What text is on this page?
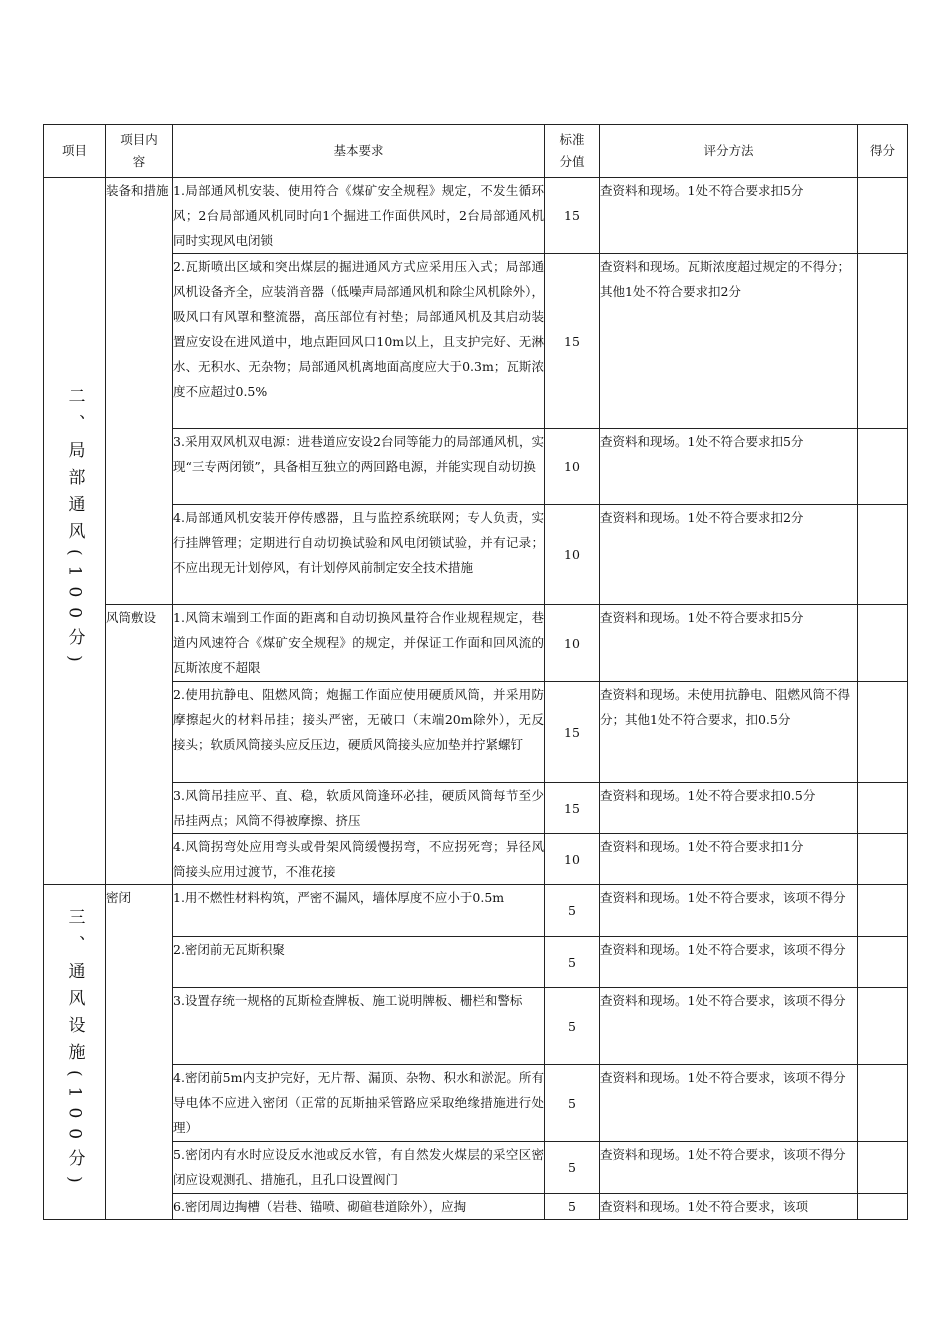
项目	项目内容	基本要求	标准分值	评分方法	得分
二、局部通风(100分)	装备和措施	1.局部通风机安装、使用符合《煤矿安全规程》规定，不发生循环风；2台局部通风机同时向1个掘进工作面供风时，2台局部通风机同时实现风电闭锁	15	查资料和现场。1处不符合要求扣5分	
		2.瓦斯喷出区域和突出煤层的掘进通风方式应采用压入式；局部通风机设备齐全，应装消音器（低噪声局部通风机和除尘风机除外），吸风口有风罩和整流器，高压部位有衬垫；局部通风机及其启动装置应安设在进风道中，地点距回风口10m以上，且支护完好、无淋水、无积水、无杂物；局部通风机离地面高度应大于0.3m；瓦斯浓度不应超过0.5%	15	查资料和现场。瓦斯浓度超过规定的不得分；其他1处不符合要求扣2分	
		3.采用双风机双电源：进巷道应安设2台同等能力的局部通风机，实现“三专两闭锁”，具备相互独立的两回路电源，并能实现自动切换	10	查资料和现场。1处不符合要求扣5分	
		4.局部通风机安装开停传感器，且与监控系统联网；专人负责，实行挂牌管理；定期进行自动切换试验和风电闭锁试验，并有记录；不应出现无计划停风，有计划停风前制定安全技术措施	10	查资料和现场。1处不符合要求扣2分	
	风筒敷设	1.风筒末端到工作面的距离和自动切换风量符合作业规程规定，巷道内风速符合《煤矿安全规程》的规定，并保证工作面和回风流的瓦斯浓度不超限	10	查资料和现场。1处不符合要求扣5分	
		2.使用抗静电、阻燃风筒；炮掘工作面应使用硬质风筒，并采用防摩擦起火的材料吊挂；接头严密，无破口（末端20m除外），无反接头；软质风筒接头应反压边，硬质风筒接头应加垫并拧紧螺钉	15	查资料和现场。未使用抗静电、阻燃风筒不得分；其他1处不符合要求，扣0.5分	
		3.风筒吊挂应平、直、稳，软质风筒逢环必挂，硬质风筒每节至少吊挂两点；风筒不得被摩擦、挤压	15	查资料和现场。1处不符合要求扣0.5分	
		4.风筒拐弯处应用弯头或骨架风筒缓慢拐弯，不应拐死弯；异径风筒接头应用过渡节，不准花接	10	查资料和现场。1处不符合要求扣1分	
三、通风设施(100分)	密闭	1.用不燃性材料构筑，严密不漏风，墙体厚度不应小于0.5m	5	查资料和现场。1处不符合要求，该项不得分	
		2.密闭前无瓦斯积聚	5	查资料和现场。1处不符合要求，该项不得分	
		3.设置存统一规格的瓦斯检查牌板、施工说明牌板、栅栏和警标	5	查资料和现场。1处不符合要求，该项不得分	
		4.密闭前5m内支护完好，无片帮、漏顶、杂物、积水和淤泥。所有导电体不应进入密闭（正常的瓦斯抽采管路应采取绝缘措施进行处理）	5	查资料和现场。1处不符合要求，该项不得分	
		5.密闭内有水时应设反水池或反水管，有自然发火煤层的采空区密闭应设观测孔、措施孔，且孔口设置阀门	5	查资料和现场。1处不符合要求，该项不得分	
		6.密闭周边掏槽（岩巷、锚喷、砌碹巷道除外），应掏	5	查资料和现场。1处不符合要求，该项	
